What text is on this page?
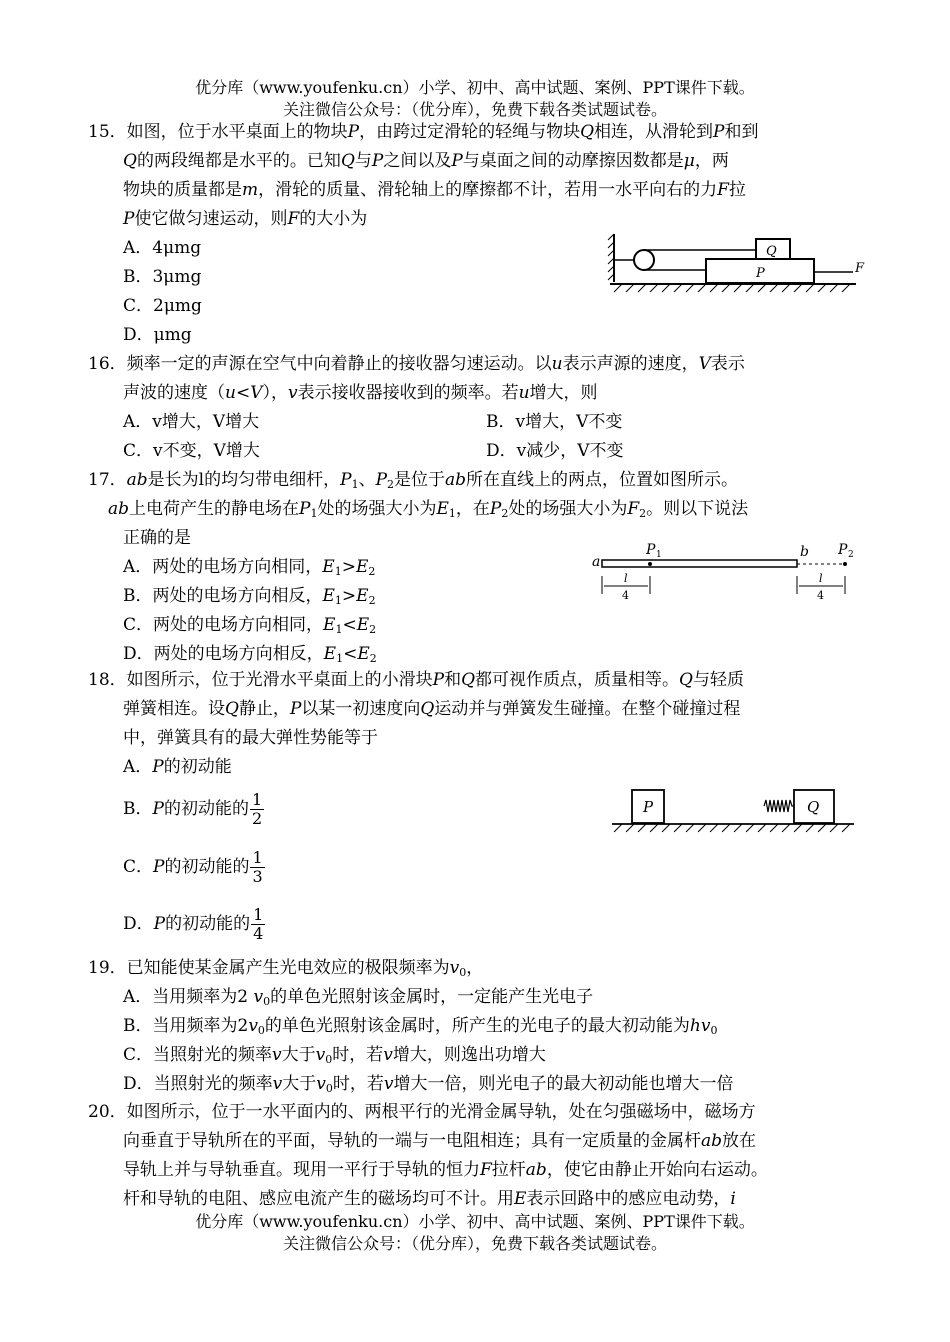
优分库（www.youfenku.cn）小学、初中、高中试题、案例、PPT课件下载。
关注微信公众号：（优分库），免费下载各类试题试卷。
15．如图，位于水平桌面上的物块P，由跨过定滑轮的轻绳与物块Q相连，从滑轮到P和到
Q的两段绳都是水平的。已知Q与P之间以及P与桌面之间的动摩擦因数都是μ，两
物块的质量都是m，滑轮的质量、滑轮轴上的摩擦都不计，若用一水平向右的力F拉
P使它做匀速运动，则F的大小为
A．4μmg
B．3μmg
C．2μmg
D．μmg
Q
P	F
16．频率一定的声源在空气中向着静止的接收器匀速运动。以u表示声源的速度，V表示
声波的速度（u<V），v表示接收器接收到的频率。若u增大，则
A．v增大，V增大	B．v增大，V不变
C．v不变，V增大	D．v减少，V不变
17．ab是长为l的均匀带电细杆，$P_1$、$P_2$是位于ab所在直线上的两点，位置如图所示。
ab上电荷产生的静电场在$P_1$处的场强大小为$E_1$，在$P_2$处的场强大小为$F_2$。则以下说法
正确的是
A．两处的电场方向相同，$E_1>E_2$
B．两处的电场方向相反，$E_1>E_2$
C．两处的电场方向相同，$E_1<E_2$
D．两处的电场方向相反，$E_1<E_2$
a
b
P 1	P 2
l
4
l
4
18．如图所示，位于光滑水平桌面上的小滑块P和Q都可视作质点，质量相等。Q与轻质
弹簧相连。设Q静止，P以某一初速度向Q运动并与弹簧发生碰撞。在整个碰撞过程
中，弹簧具有的最大弹性势能等于
A．P的初动能
B．P的初动能的 $\frac{1}{2}$
C．P的初动能的 $\frac{1}{3}$
D．P的初动能的 $\frac{1}{4}$
P	Q
19．已知能使某金属产生光电效应的极限频率为$v_0$，
A．当用频率为2 $v_0$的单色光照射该金属时，一定能产生光电子
B．当用频率为$2v_0$的单色光照射该金属时，所产生的光电子的最大初动能为$hv_0$
C．当照射光的频率v大于$v_0$时，若v增大，则逸出功增大
D．当照射光的频率v大于$v_0$时，若v增大一倍，则光电子的最大初动能也增大一倍
20．如图所示，位于一水平面内的、两根平行的光滑金属导轨，处在匀强磁场中，磁场方
向垂直于导轨所在的平面，导轨的一端与一电阻相连；具有一定质量的金属杆ab放在
导轨上并与导轨垂直。现用一平行于导轨的恒力F拉杆ab，使它由静止开始向右运动。
杆和导轨的电阻、感应电流产生的磁场均可不计。用E表示回路中的感应电动势，i
优分库（www.youfenku.cn）小学、初中、高中试题、案例、PPT课件下载。
关注微信公众号：（优分库），免费下载各类试题试卷。
